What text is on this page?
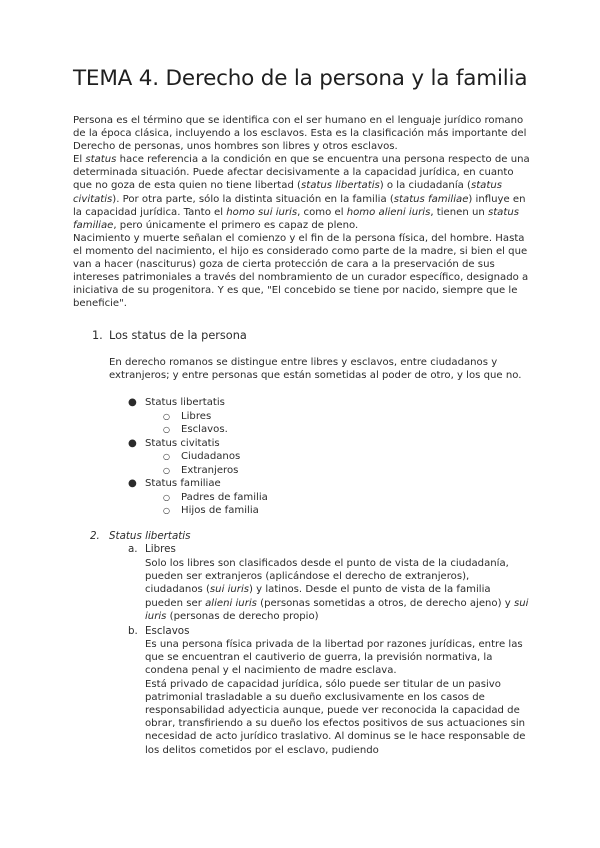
TEMA 4. Derecho de la persona y la familia

Persona es el término que se identifica con el ser humano en el lenguaje jurídico romano de la época clásica, incluyendo a los esclavos. Esta es la clasificación más importante del Derecho de personas, unos hombres son libres y otros esclavos.

El status hace referencia a la condición en que se encuentra una persona respecto de una determinada situación. Puede afectar decisivamente a la capacidad jurídica, en cuanto que no goza de esta quien no tiene libertad (status libertatis) o la ciudadanía (status civitatis). Por otra parte, sólo la distinta situación en la familia (status familiae) influye en la capacidad jurídica. Tanto el homo sui iuris, como el homo alieni iuris, tienen un status familiae, pero únicamente el primero es capaz de pleno.

Nacimiento y muerte señalan el comienzo y el fin de la persona física, del hombre. Hasta el momento del nacimiento, el hijo es considerado como parte de la madre, si bien el que van a hacer (nasciturus) goza de cierta protección de cara a la preservación de sus intereses patrimoniales a través del nombramiento de un curador específico, designado a iniciativa de su progenitora. Y es que, "El concebido se tiene por nacido, siempre que le beneficie".

1. Los status de la persona

En derecho romanos se distingue entre libres y esclavos, entre ciudadanos y extranjeros; y entre personas que están sometidas al poder de otro, y los que no.

● Status libertatis
○ Libres
○ Esclavos.
● Status civitatis
○ Ciudadanos
○ Extranjeros
● Status familiae
○ Padres de familia
○ Hijos de familia
2. Status libertatis
a. Libres

Solo los libres son clasificados desde el punto de vista de la ciudadanía, pueden ser extranjeros (aplicándose el derecho de extranjeros), ciudadanos (sui iuris) y latinos. Desde el punto de vista de la familia pueden ser alieni iuris (personas sometidas a otros, de derecho ajeno) y sui iuris (personas de derecho propio)

b. Esclavos

Es una persona física privada de la libertad por razones jurídicas, entre las que se encuentran el cautiverio de guerra, la previsión normativa, la condena penal y el nacimiento de madre esclava.

Está privado de capacidad jurídica, sólo puede ser titular de un pasivo patrimonial trasladable a su dueño exclusivamente en los casos de responsabilidad adyecticia aunque, puede ver reconocida la capacidad de obrar, transfiriendo a su dueño los efectos positivos de sus actuaciones sin necesidad de acto jurídico traslativo. Al dominus se le hace responsable de los delitos cometidos por el esclavo, pudiendo
